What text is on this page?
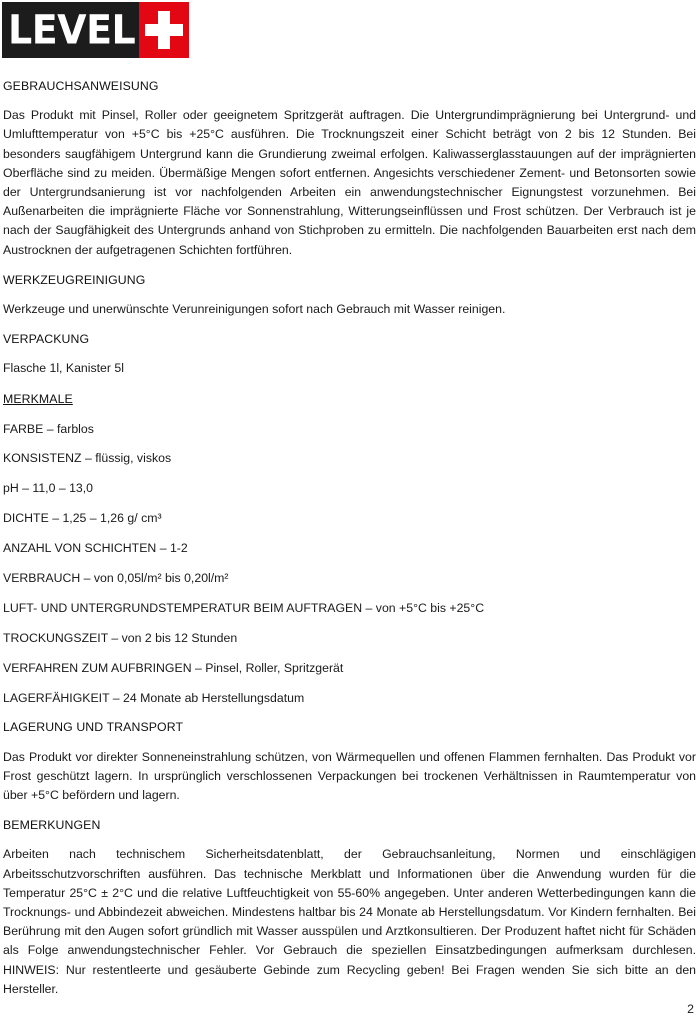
LEVEL
GEBRAUCHSANWEISUNG

Das Produkt mit Pinsel, Roller oder geeignetem Spritzgerät auftragen. Die Untergrundimprägnierung bei Untergrund- und Umlufttemperatur von +5°C bis +25°C ausführen. Die Trocknungszeit einer Schicht beträgt von 2 bis 12 Stunden. Bei besonders saugfähigem Untergrund kann die Grundierung zweimal erfolgen. Kaliwasserglasstauungen auf der imprägnierten Oberfläche sind zu meiden. Übermäßige Mengen sofort entfernen. Angesichts verschiedener Zement- und Betonsorten sowie der Untergrundsanierung ist vor nachfolgenden Arbeiten ein anwendungstechnischer Eignungstest vorzunehmen. Bei Außenarbeiten die imprägnierte Fläche vor Sonnenstrahlung, Witterungseinflüssen und Frost schützen. Der Verbrauch ist je nach der Saugfähigkeit des Untergrunds anhand von Stichproben zu ermitteln. Die nachfolgenden Bauarbeiten erst nach dem Austrocknen der aufgetragenen Schichten fortführen.

WERKZEUGREINIGUNG

Werkzeuge und unerwünschte Verunreinigungen sofort nach Gebrauch mit Wasser reinigen.

VERPACKUNG

Flasche 1l, Kanister 5l

MERKMALE

FARBE – farblos

KONSISTENZ – flüssig, viskos

pH – 11,0 – 13,0

DICHTE – 1,25 – 1,26 g/ cm³

ANZAHL VON SCHICHTEN – 1-2

VERBRAUCH – von 0,05l/m² bis 0,20l/m²

LUFT- UND UNTERGRUNDSTEMPERATUR BEIM AUFTRAGEN – von +5°C bis +25°C

TROCKUNGSZEIT – von 2 bis 12 Stunden

VERFAHREN ZUM AUFBRINGEN – Pinsel, Roller, Spritzgerät

LAGERFÄHIGKEIT – 24 Monate ab Herstellungsdatum

LAGERUNG UND TRANSPORT

Das Produkt vor direkter Sonneneinstrahlung schützen, von Wärmequellen und offenen Flammen fernhalten. Das Produkt vor Frost geschützt lagern. In ursprünglich verschlossenen Verpackungen bei trockenen Verhältnissen in Raumtemperatur von über +5°C befördern und lagern.

BEMERKUNGEN

Arbeiten nach technischem Sicherheitsdatenblatt, der Gebrauchsanleitung, Normen und einschlägigen Arbeitsschutzvorschriften ausführen. Das technische Merkblatt und Informationen über die Anwendung wurden für die Temperatur 25°C ± 2°C und die relative Luftfeuchtigkeit von 55-60% angegeben. Unter anderen Wetterbedingungen kann die Trocknungs- und Abbindezeit abweichen. Mindestens haltbar bis 24 Monate ab Herstellungsdatum. Vor Kindern fernhalten. Bei Berührung mit den Augen sofort gründlich mit Wasser ausspülen und Arztkonsultieren. Der Produzent haftet nicht für Schäden als Folge anwendungstechnischer Fehler. Vor Gebrauch die speziellen Einsatzbedingungen aufmerksam durchlesen. HINWEIS: Nur restentleerte und gesäuberte Gebinde zum Recycling geben! Bei Fragen wenden Sie sich bitte an den Hersteller.

2
